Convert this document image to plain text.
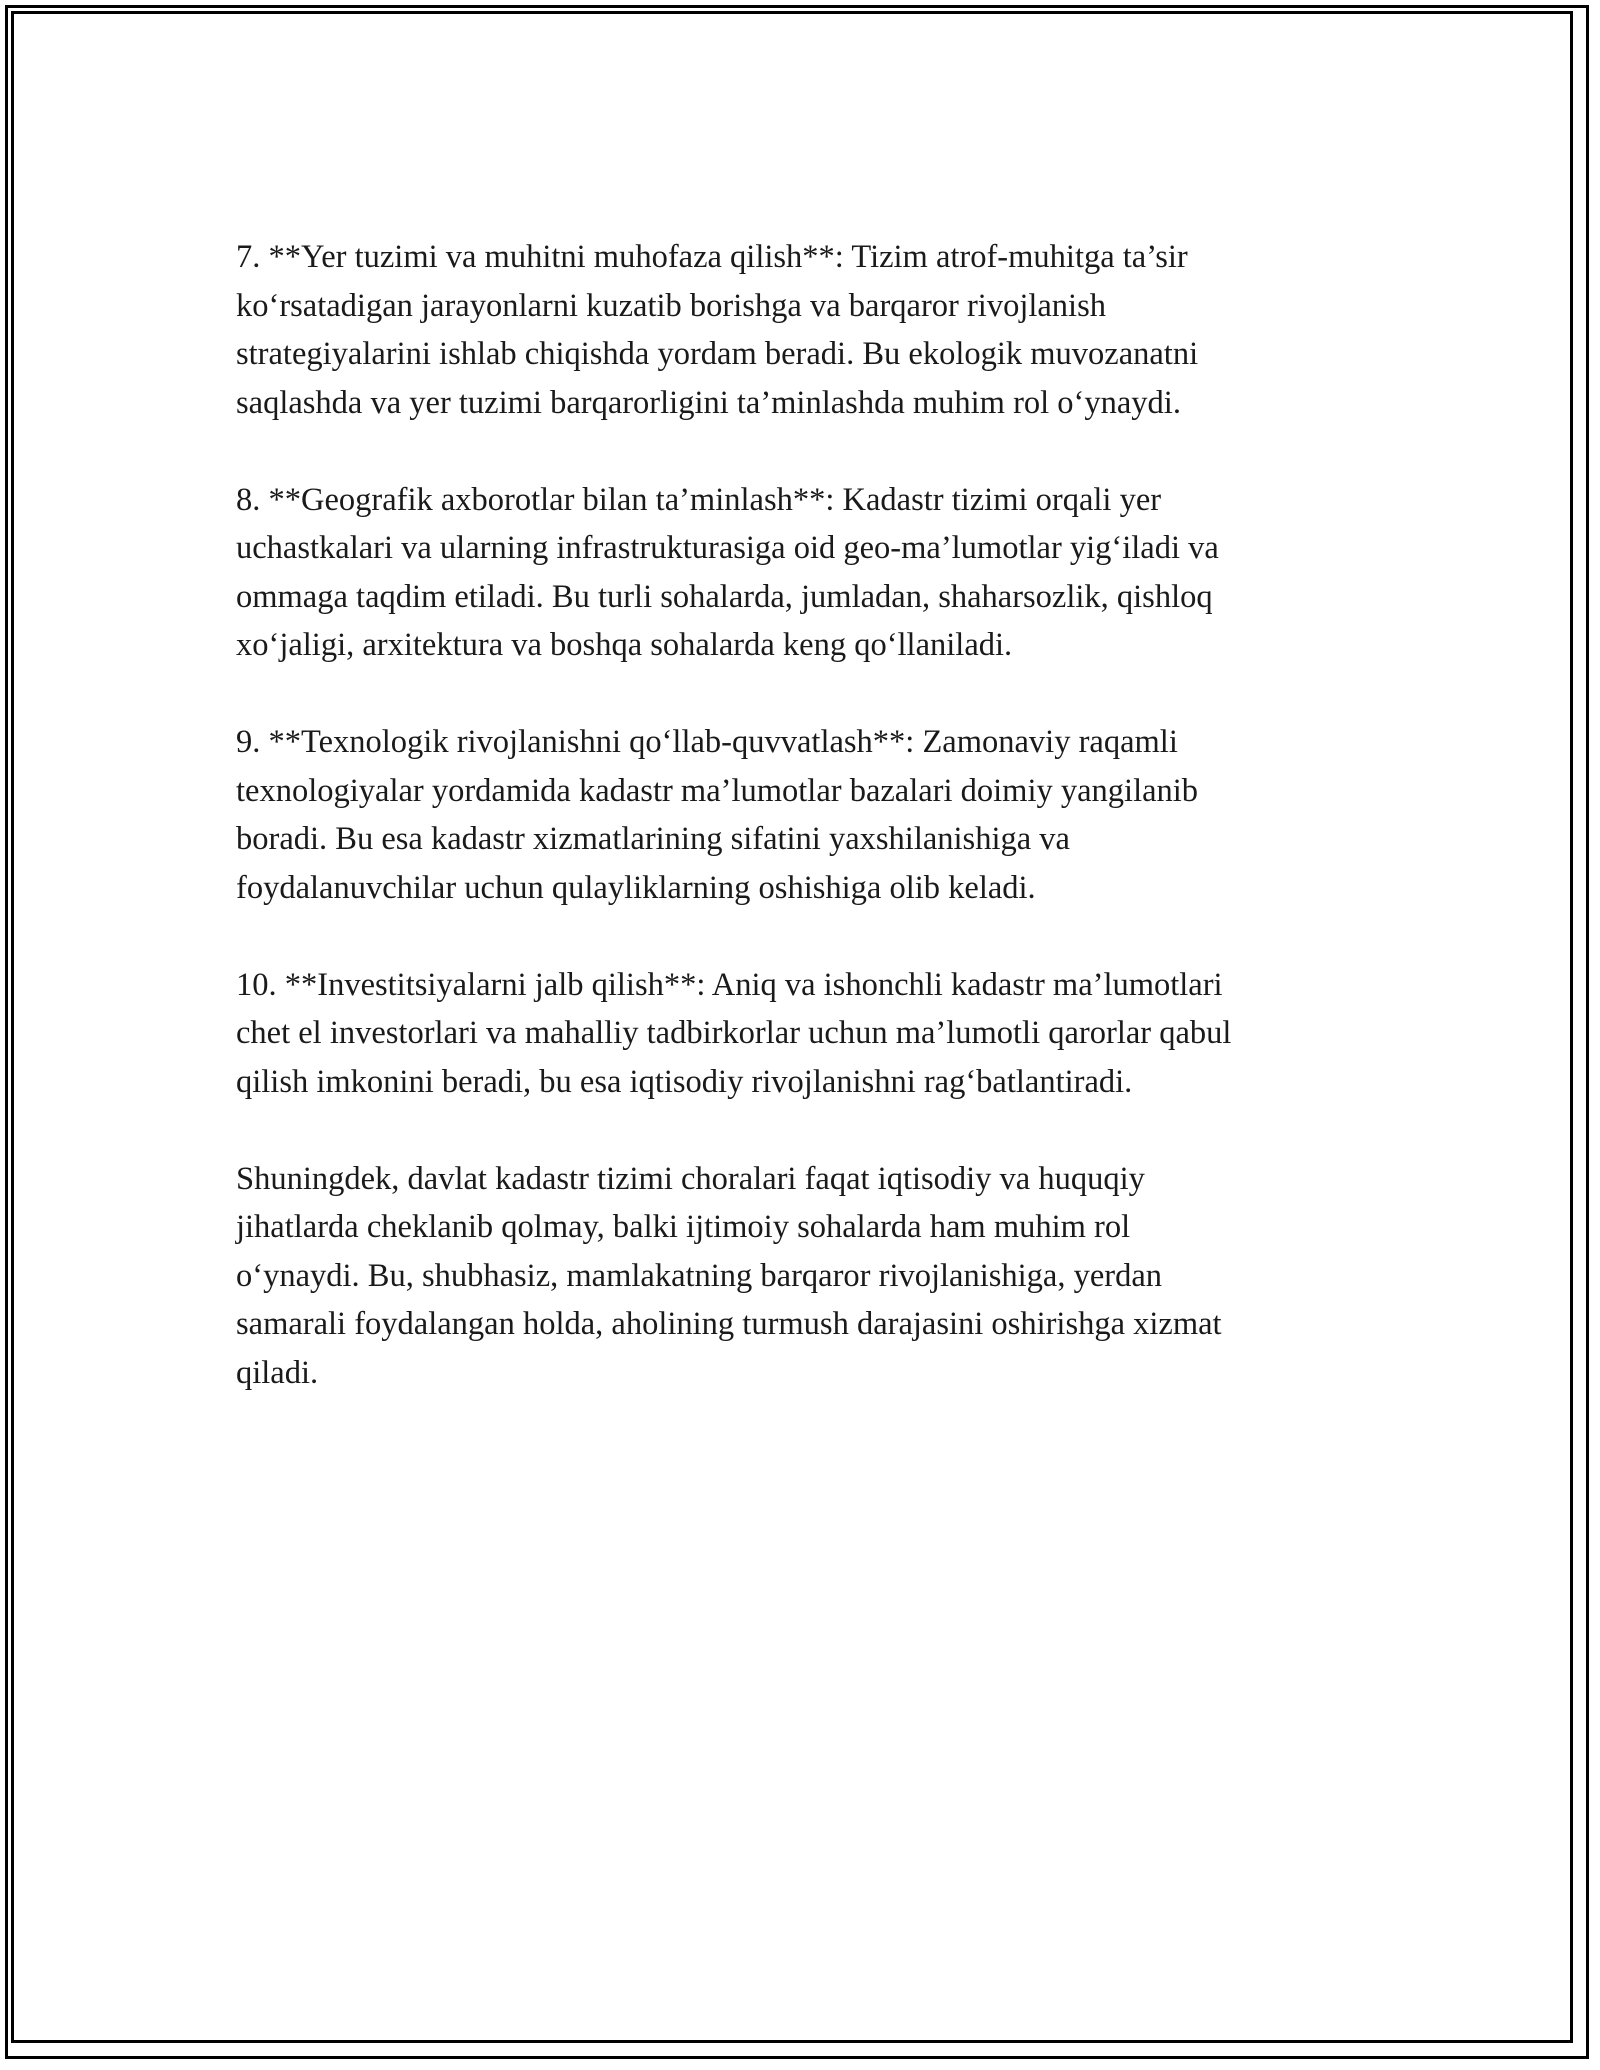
7. **Yer tuzimi va muhitni muhofaza qilish**: Tizim atrof-muhitga ta’sir
ko‘rsatadigan jarayonlarni kuzatib borishga va barqaror rivojlanish
strategiyalarini ishlab chiqishda yordam beradi. Bu ekologik muvozanatni
saqlashda va yer tuzimi barqarorligini ta’minlashda muhim rol o‘ynaydi.

8. **Geografik axborotlar bilan ta’minlash**: Kadastr tizimi orqali yer
uchastkalari va ularning infrastrukturasiga oid geo-ma’lumotlar yig‘iladi va
ommaga taqdim etiladi. Bu turli sohalarda, jumladan, shaharsozlik, qishloq
xo‘jaligi, arxitektura va boshqa sohalarda keng qo‘llaniladi.

9. **Texnologik rivojlanishni qo‘llab-quvvatlash**: Zamonaviy raqamli
texnologiyalar yordamida kadastr ma’lumotlar bazalari doimiy yangilanib
boradi. Bu esa kadastr xizmatlarining sifatini yaxshilanishiga va
foydalanuvchilar uchun qulayliklarning oshishiga olib keladi.

10. **Investitsiyalarni jalb qilish**: Aniq va ishonchli kadastr ma’lumotlari
chet el investorlari va mahalliy tadbirkorlar uchun ma’lumotli qarorlar qabul
qilish imkonini beradi, bu esa iqtisodiy rivojlanishni rag‘batlantiradi.

Shuningdek, davlat kadastr tizimi choralari faqat iqtisodiy va huquqiy
jihatlarda cheklanib qolmay, balki ijtimoiy sohalarda ham muhim rol
o‘ynaydi. Bu, shubhasiz, mamlakatning barqaror rivojlanishiga, yerdan
samarali foydalangan holda, aholining turmush darajasini oshirishga xizmat
qiladi.
